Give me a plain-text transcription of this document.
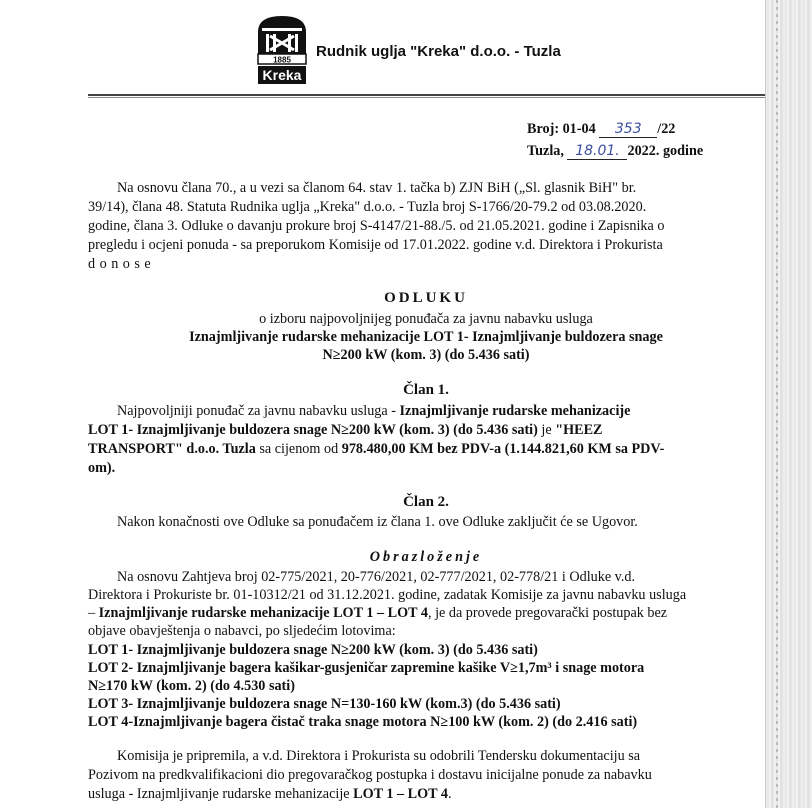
1885
Kreka
Rudnik uglja "Kreka" d.o.o. - Tuzla
Broj: 01-04 353 /22
Tuzla, 18.01. 2022. godine
Na osnovu člana 70., a u vezi sa članom 64. stav 1. tačka b) ZJN BiH („Sl. glasnik BiH" br.
39/14), člana 48. Statuta Rudnika uglja „Kreka" d.o.o. - Tuzla broj S-1766/20-79.2 od 03.08.2020.
godine, člana 3. Odluke o davanju prokure broj S-4147/21-88./5. od 21.05.2021. godine i Zapisnika o
pregledu i ocjeni ponuda - sa preporukom Komisije od 17.01.2022. godine v.d. Direktora i Prokurista
donose
ODLUKU
o izboru najpovoljnijeg ponuđača za javnu nabavku usluga
Iznajmljivanje rudarske mehanizacije LOT 1- Iznajmljivanje buldozera snage
N≥200 kW (kom. 3) (do 5.436 sati)
Član 1.
Najpovoljniji ponuđač za javnu nabavku usluga - Iznajmljivanje rudarske mehanizacije
LOT 1- Iznajmljivanje buldozera snage N≥200 kW (kom. 3) (do 5.436 sati) je "HEEZ
TRANSPORT" d.o.o. Tuzla sa cijenom od 978.480,00 KM bez PDV-a (1.144.821,60 KM sa PDV-
om).
Član 2.
Nakon konačnosti ove Odluke sa ponuđačem iz člana 1. ove Odluke zaključit će se Ugovor.
Obrazloženje
Na osnovu Zahtjeva broj 02-775/2021, 20-776/2021, 02-777/2021, 02-778/21 i Odluke v.d.
Direktora i Prokuriste br. 01-10312/21 od 31.12.2021. godine, zadatak Komisije za javnu nabavku usluga
– Iznajmljivanje rudarske mehanizacije LOT 1 – LOT 4, je da provede pregovarački postupak bez
objave obavještenja o nabavci, po sljedećim lotovima:
LOT 1- Iznajmljivanje buldozera snage N≥200 kW (kom. 3) (do 5.436 sati)
LOT 2- Iznajmljivanje bagera kašikar-gusjeničar zapremine kašike V≥1,7m³ i snage motora
N≥170 kW (kom. 2) (do 4.530 sati)
LOT 3- Iznajmljivanje buldozera snage N=130-160 kW (kom.3) (do 5.436 sati)
LOT 4-Iznajmljivanje bagera čistač traka snage motora N≥100 kW (kom. 2) (do 2.416 sati)
Komisija je pripremila, a v.d. Direktora i Prokurista su odobrili Tendersku dokumentaciju sa
Pozivom na predkvalifikacioni dio pregovaračkog postupka i dostavu inicijalne ponude za nabavku
usluga - Iznajmljivanje rudarske mehanizacije LOT 1 – LOT 4.
